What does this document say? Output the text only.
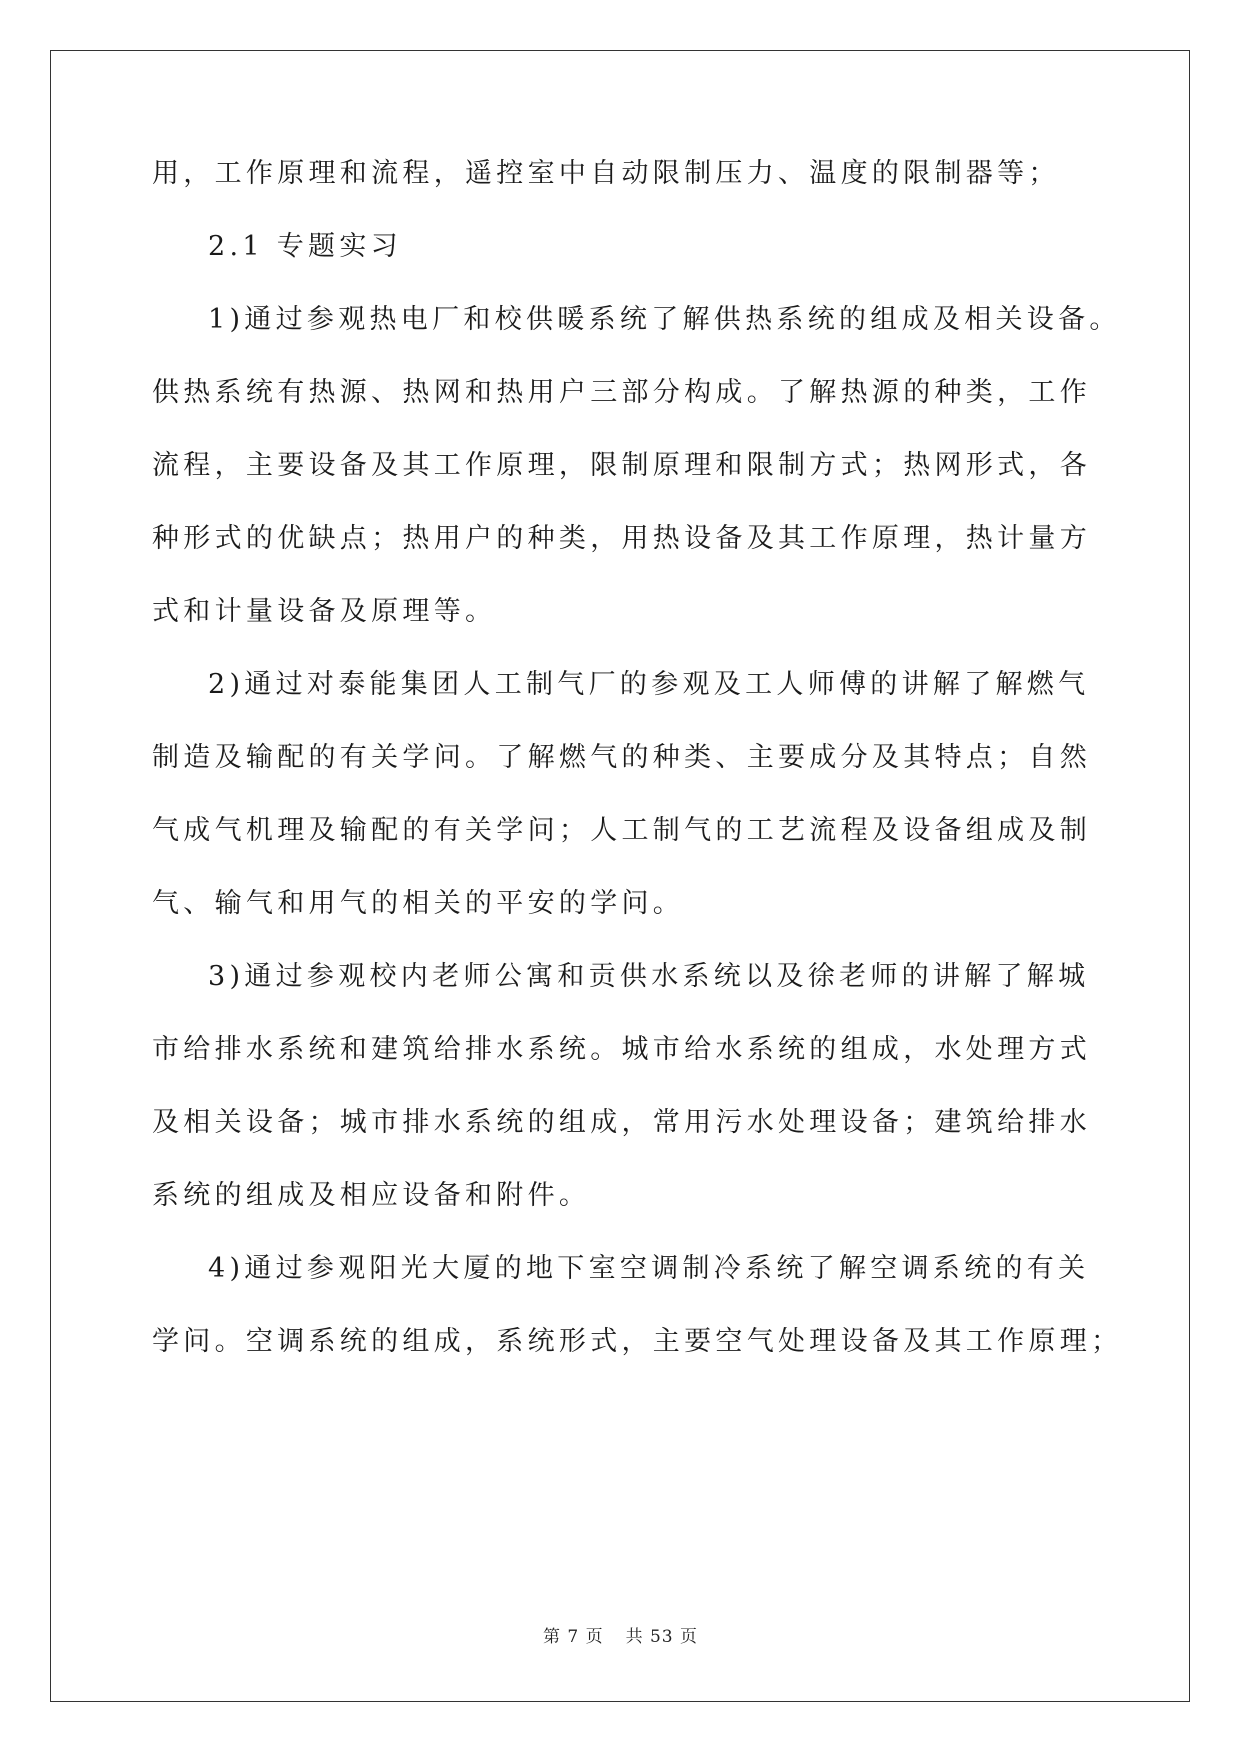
用，工作原理和流程，遥控室中自动限制压力、温度的限制器等；
2.1 专题实习
1)通过参观热电厂和校供暖系统了解供热系统的组成及相关设备。
供热系统有热源、热网和热用户三部分构成。了解热源的种类，工作
流程，主要设备及其工作原理，限制原理和限制方式；热网形式，各
种形式的优缺点；热用户的种类，用热设备及其工作原理，热计量方
式和计量设备及原理等。
2)通过对泰能集团人工制气厂的参观及工人师傅的讲解了解燃气
制造及输配的有关学问。了解燃气的种类、主要成分及其特点；自然
气成气机理及输配的有关学问；人工制气的工艺流程及设备组成及制
气、输气和用气的相关的平安的学问。
3)通过参观校内老师公寓和贡供水系统以及徐老师的讲解了解城
市给排水系统和建筑给排水系统。城市给水系统的组成，水处理方式
及相关设备；城市排水系统的组成，常用污水处理设备；建筑给排水
系统的组成及相应设备和附件。
4)通过参观阳光大厦的地下室空调制冷系统了解空调系统的有关
学问。空调系统的组成，系统形式，主要空气处理设备及其工作原理；
第 7 页 共 53 页
